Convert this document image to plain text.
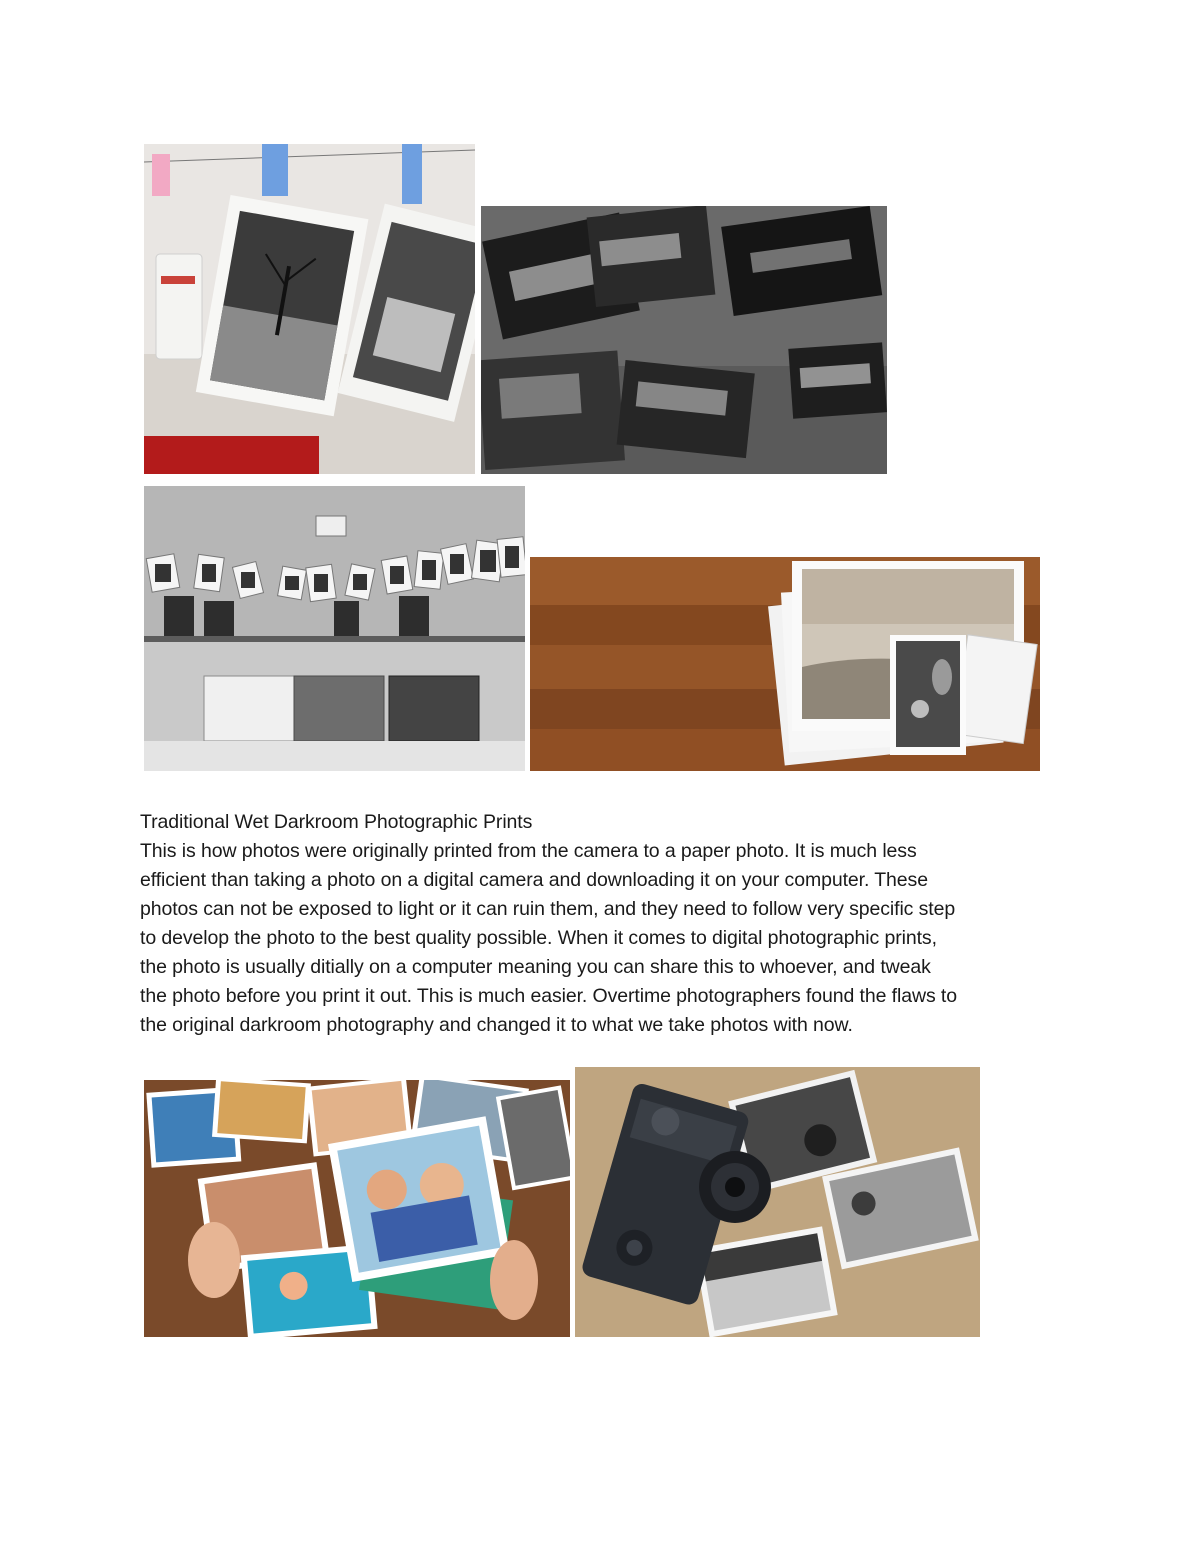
Traditional Wet Darkroom Photographic Prints

This is how photos were originally printed from the camera to a paper photo. It is much less

efficient than taking a photo on a digital camera and downloading it on your computer. These

photos can not be exposed to light or it can ruin them, and they need to follow very specific step

to develop the photo to the best quality possible. When it comes to digital photographic prints,

the photo is usually ditially on a computer meaning you can share this to whoever, and tweak

the photo before you print it out. This is much easier. Overtime photographers found the flaws to

the original darkroom photography and changed it to what we take photos with now.
